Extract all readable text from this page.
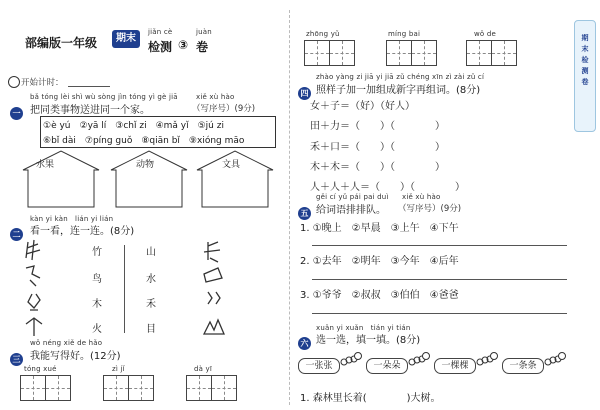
部编版一年级	期末
jiǎn cè
检测 ③
juàn
卷
开始计时：
bǎ tóng lèi shì wù sòng jìn tóng yì gè jiā
一 把同类事物送进同一个家。
xiě xù hào
（写序号）(9分)
①è yú　②yā lí　③chǐ zi　④mǎ yǐ　⑤jú zi
⑥bǐ dài　⑦píng guǒ　⑧qiān bǐ　⑨xióng māo
水果	动物	文具
kàn yi kàn　lián yi lián
二 看一看，连一连。(8分)
竹
鸟
木
火
山
水
禾
目
wǒ néng xiě de hǎo
三 我能写得好。(12分)
tóng xué	zì jǐ	dà yī
zhōng yǔ	míng bai	wǒ de
zhào yàng zi jiā yi jiā zǔ chéng xīn zì zài zǔ cí
四 照样子加一加组成新字再组词。(8分)
女＋子＝（好）（好人）
田＋力＝（　　）（　　　　）
禾＋口＝（　　）（　　　　）
木＋木＝（　　）（　　　　）
人＋人＋人＝（　　）（　　　　）
gěi cí yǔ pái pai duì xiě xù hào
五 给词语排排队。 （写序号）(9分)
1. ①晚上　②早晨　③上午　④下午
2. ①去年　②明年　③今年　④后年
3. ①爷爷　②叔叔　③伯伯　④爸爸
xuǎn yi xuǎn　tián yi tián
六 选一选，填一填。(8分)
一张张	一朵朵	一棵棵	一条条
1. 森林里长着(　　　　)大树。
期
末
检
测
卷
